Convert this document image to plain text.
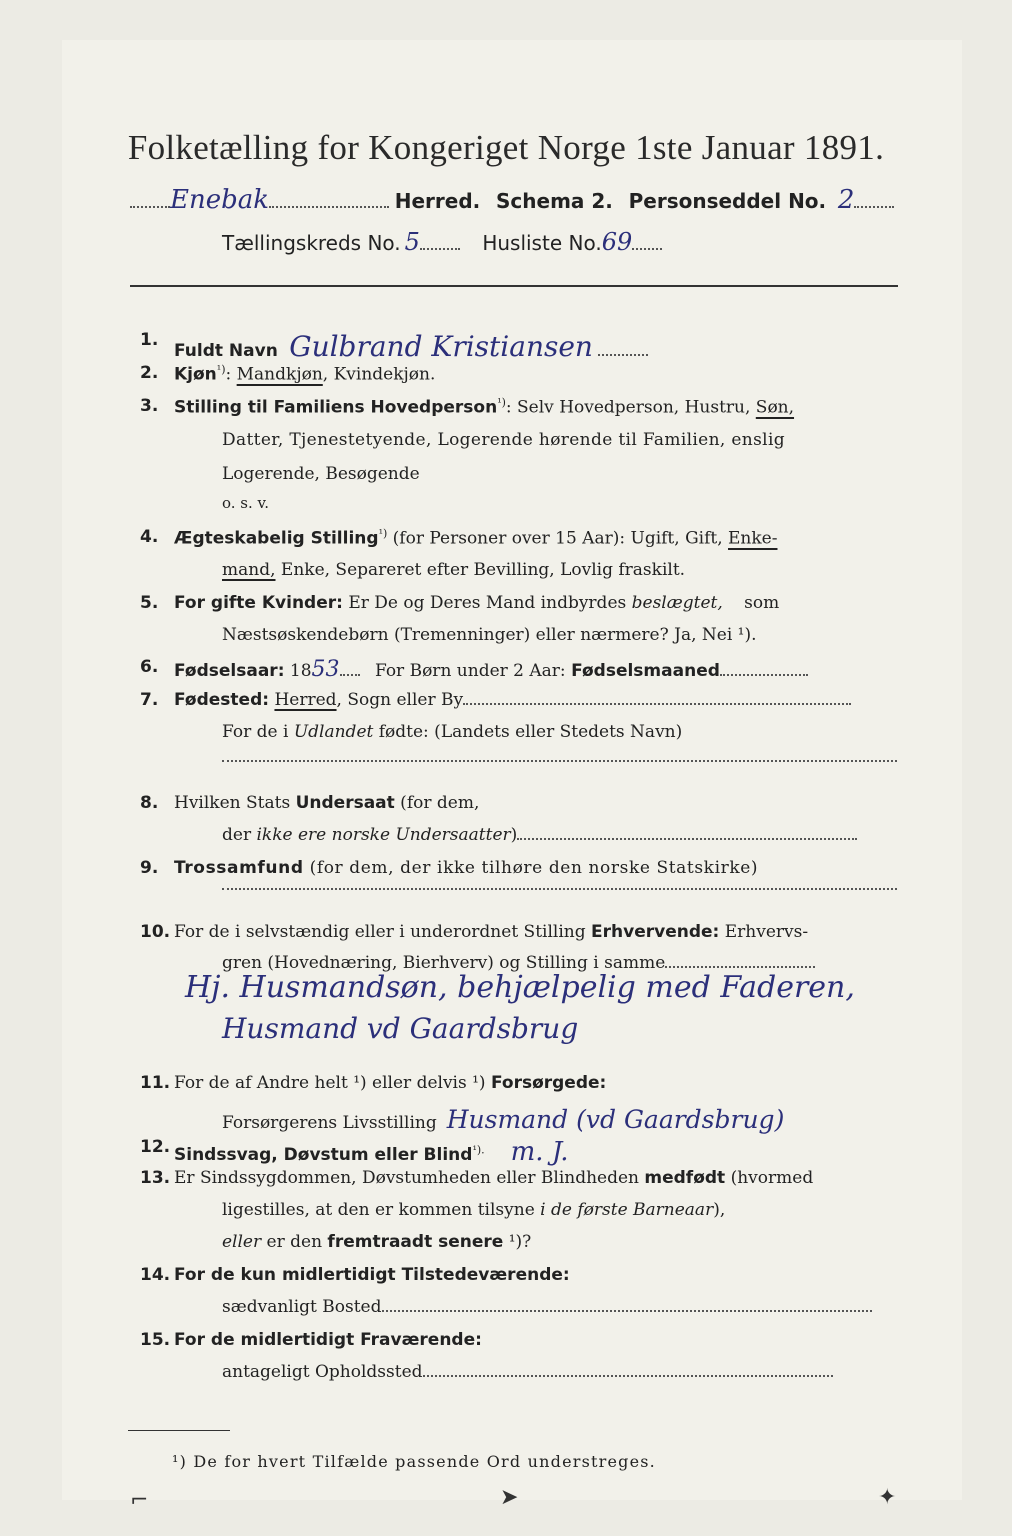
Folketælling for Kongeriget Norge 1ste Januar 1891.
Enebak	Herred. Schema 2. Personseddel No. 2
Tællingskreds No. 5	Husliste No.69
1.
Fuldt Navn Gulbrand Kristiansen
2. Kjøn$^{^1)}$: Mandkjøn, Kvindekjøn.
3. Stilling til Familiens Hovedperson$^{^1)}$: Selv Hovedperson, Hustru, Søn,
Datter, Tjenestetyende, Logerende hørende til Familien, enslig
Logerende, Besøgende
o. s. v.
4. Ægteskabelig Stilling$^{^1)}$ (for Personer over 15 Aar): Ugift, Gift, Enke-
mand, Enke, Separeret efter Bevilling, Lovlig fraskilt.
5. For gifte Kvinder: Er De og Deres Mand indbyrdes beslægtet, som
Næstsøskendebørn (Tremenninger) eller nærmere? Ja, Nei ¹).
6. Fødselsaar: 1853 For Børn under 2 Aar: Fødselsmaaned
7. Fødested: Herred, Sogn eller By
For de i Udlandet fødte: (Landets eller Stedets Navn)
8. Hvilken Stats Undersaat (for dem,
der ikke ere norske Undersaatter)
9. Trossamfund (for dem, der ikke tilhøre den norske Statskirke)
10. For de i selvstændig eller i underordnet Stilling Erhvervende: Erhvervs-
gren (Hovednæring, Bierhverv) og Stilling i samme
Hj. Husmandsøn, behjælpelig med Faderen,
Husmand vd Gaardsbrug
11. For de af Andre helt ¹) eller delvis ¹) Forsørgede:
Forsørgerens Livsstilling Husmand (vd Gaardsbrug)
12. Sindssvag, Døvstum eller Blind$^{^1).}$ m. J.
13. Er Sindssygdommen, Døvstumheden eller Blindheden medfødt (hvormed
ligestilles, at den er kommen tilsyne i de første Barneaar),
eller er den fremtraadt senere ¹)?
14. For de kun midlertidigt Tilstedeværende:
sædvanligt Bosted
15. For de midlertidigt Fraværende:
antageligt Opholdssted
¹) De for hvert Tilfælde passende Ord understreges.
⌐	➤	✦
